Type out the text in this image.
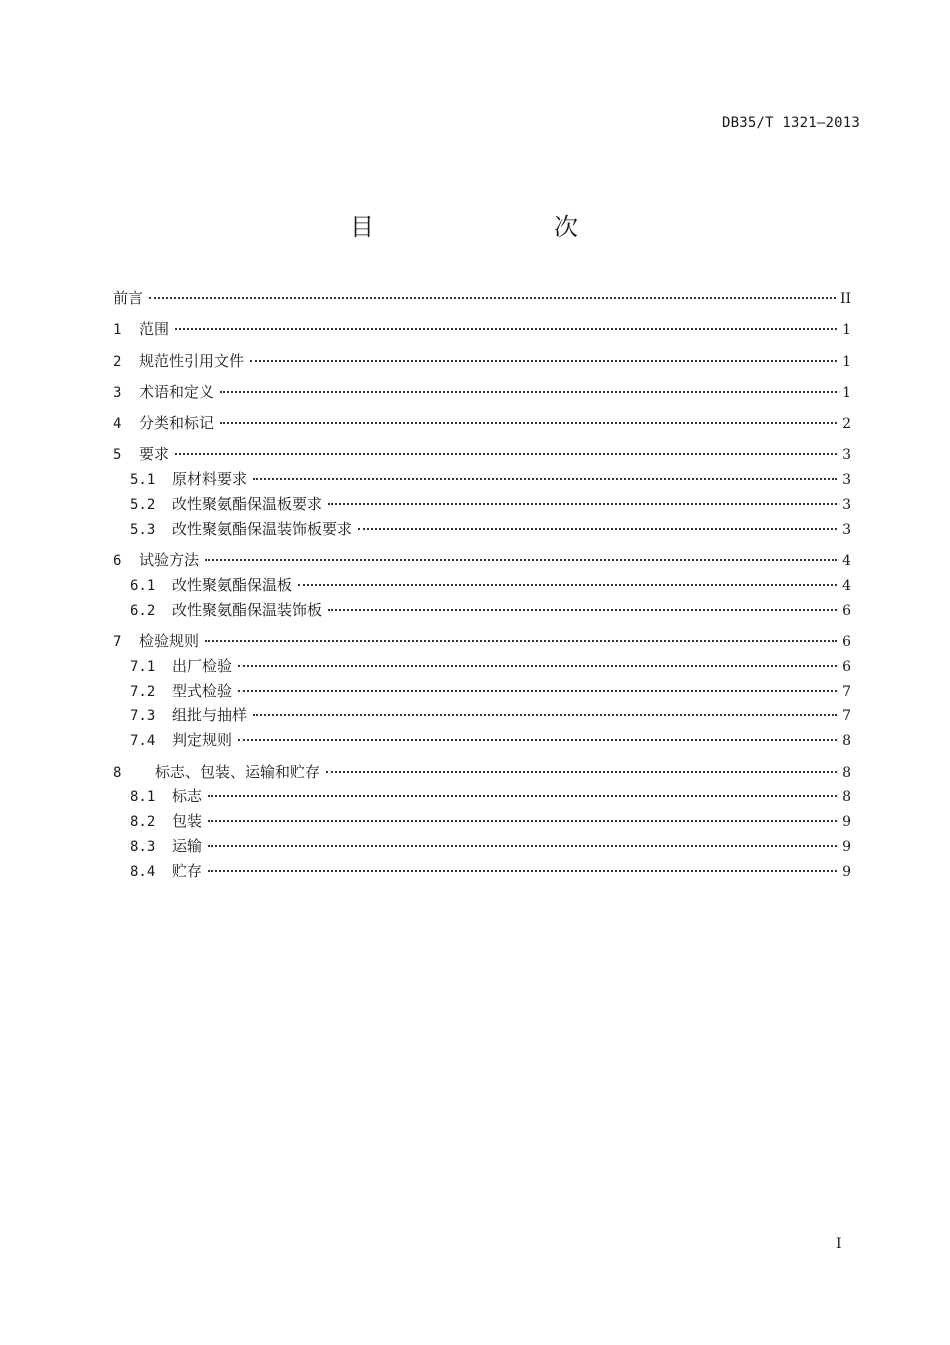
DB35/T 1321—2013
目　　次
前言	II
1	范围	1
2	规范性引用文件	1
3	术语和定义	1
4	分类和标记	2
5	要求	3
5.1	原材料要求	3
5.2	改性聚氨酯保温板要求	3
5.3	改性聚氨酯保温装饰板要求	3
6	试验方法	4
6.1	改性聚氨酯保温板	4
6.2	改性聚氨酯保温装饰板	6
7	检验规则	6
7.1	出厂检验	6
7.2	型式检验	7
7.3	组批与抽样	7
7.4	判定规则	8
8	标志、包装、运输和贮存	8
8.1	标志	8
8.2	包装	9
8.3	运输	9
8.4	贮存	9
I
